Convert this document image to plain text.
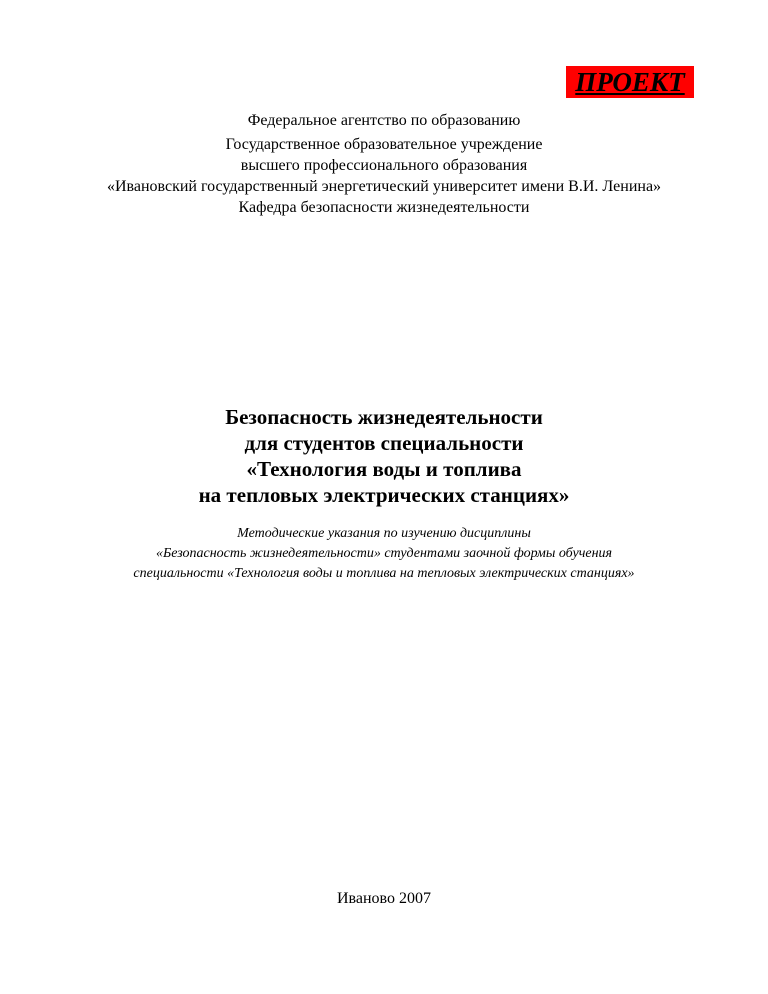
ПРОЕКТ
Федеральное агентство по образованию
Государственное образовательное учреждение
высшего профессионального образования
«Ивановский государственный энергетический университет имени В.И. Ленина»
Кафедра безопасности жизнедеятельности
Безопасность жизнедеятельности
для студентов специальности
«Технология воды и топлива
на тепловых электрических станциях»
Методические указания по изучению дисциплины
«Безопасность жизнедеятельности» студентами заочной формы обучения
специальности «Технология воды и топлива на тепловых электрических станциях»
Иваново 2007
